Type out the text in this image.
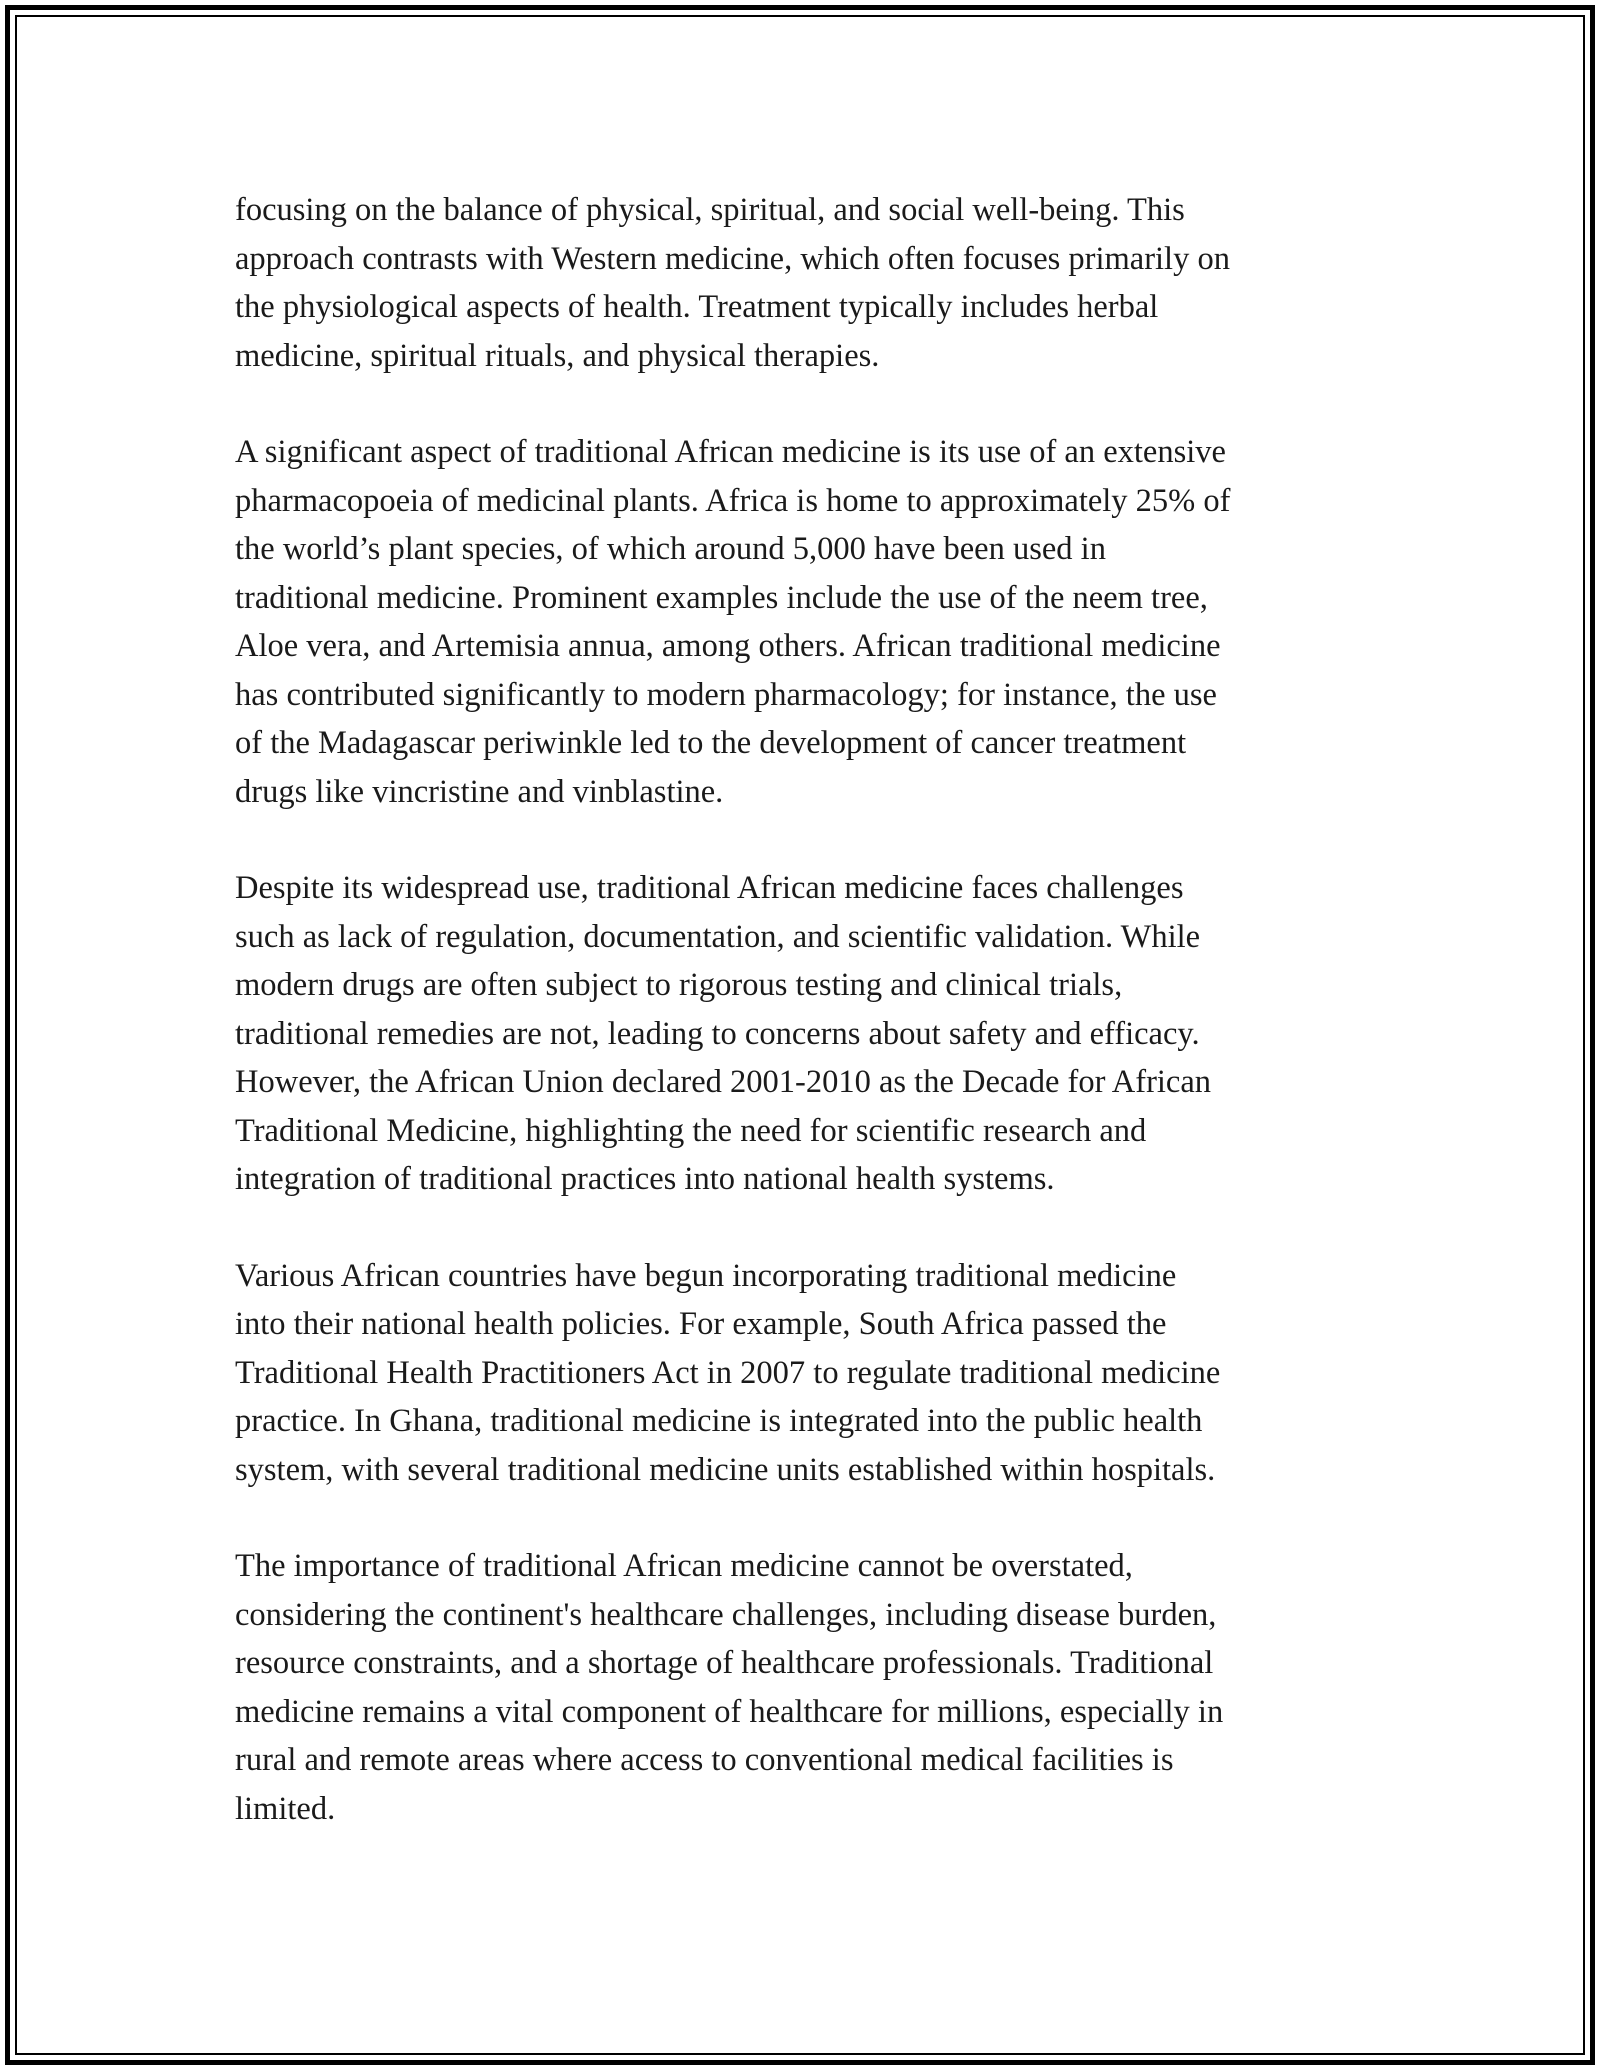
focusing on the balance of physical, spiritual, and social well-being. This
approach contrasts with Western medicine, which often focuses primarily on
the physiological aspects of health. Treatment typically includes herbal
medicine, spiritual rituals, and physical therapies.

A significant aspect of traditional African medicine is its use of an extensive
pharmacopoeia of medicinal plants. Africa is home to approximately 25% of
the world’s plant species, of which around 5,000 have been used in
traditional medicine. Prominent examples include the use of the neem tree,
Aloe vera, and Artemisia annua, among others. African traditional medicine
has contributed significantly to modern pharmacology; for instance, the use
of the Madagascar periwinkle led to the development of cancer treatment
drugs like vincristine and vinblastine.

Despite its widespread use, traditional African medicine faces challenges
such as lack of regulation, documentation, and scientific validation. While
modern drugs are often subject to rigorous testing and clinical trials,
traditional remedies are not, leading to concerns about safety and efficacy.
However, the African Union declared 2001-2010 as the Decade for African
Traditional Medicine, highlighting the need for scientific research and
integration of traditional practices into national health systems.

Various African countries have begun incorporating traditional medicine
into their national health policies. For example, South Africa passed the
Traditional Health Practitioners Act in 2007 to regulate traditional medicine
practice. In Ghana, traditional medicine is integrated into the public health
system, with several traditional medicine units established within hospitals.

The importance of traditional African medicine cannot be overstated,
considering the continent's healthcare challenges, including disease burden,
resource constraints, and a shortage of healthcare professionals. Traditional
medicine remains a vital component of healthcare for millions, especially in
rural and remote areas where access to conventional medical facilities is
limited.
